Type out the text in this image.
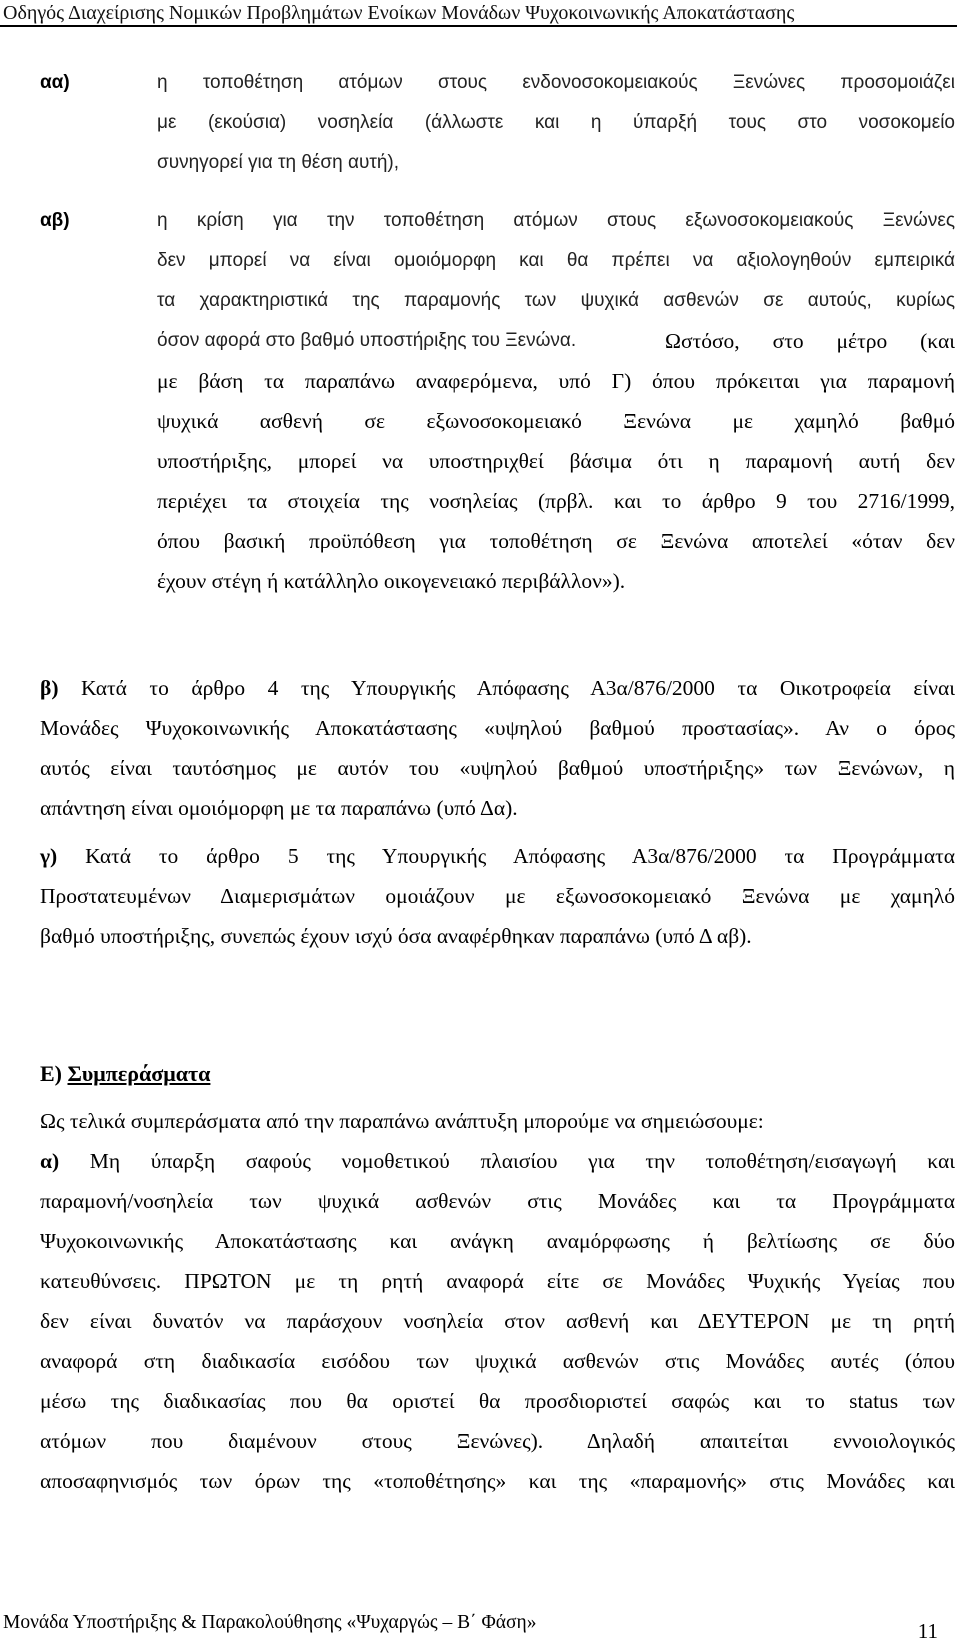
Οδηγός Διαχείρισης Νομικών Προβλημάτων Ενοίκων Μονάδων Ψυχοκοινωνικής Αποκατάστασης
αα)	η τοποθέτηση ατόμων στους ενδονοσοκομειακούς Ξενώνες προσομοιάζει
με (εκούσια) νοσηλεία (άλλωστε και η ύπαρξή τους στο νοσοκομείο
συνηγορεί για τη θέση αυτή),
αβ)	η κρίση για την τοποθέτηση ατόμων στους εξωνοσοκομειακούς Ξενώνες
δεν μπορεί να είναι ομοιόμορφη και θα πρέπει να αξιολογηθούν εμπειρικά
τα χαρακτηριστικά της παραμονής των ψυχικά ασθενών σε αυτούς, κυρίως
όσον αφορά στο βαθμό υποστήριξης του Ξενώνα.	Ωστόσο, στο μέτρο (και
με βάση τα παραπάνω αναφερόμενα, υπό Γ) όπου πρόκειται για παραμονή
ψυχικά ασθενή σε εξωνοσοκομειακό Ξενώνα με χαμηλό βαθμό
υποστήριξης, μπορεί να υποστηριχθεί βάσιμα ότι η παραμονή αυτή δεν
περιέχει τα στοιχεία της νοσηλείας (πρβλ. και το άρθρο 9 του 2716/1999,
όπου βασική προϋπόθεση για τοποθέτηση σε Ξενώνα αποτελεί «όταν δεν
έχουν στέγη ή κατάλληλο οικογενειακό περιβάλλον»).
β) Κατά το άρθρο 4 της Υπουργικής Απόφασης Α3α/876/2000 τα Οικοτροφεία είναι
Μονάδες Ψυχοκοινωνικής Αποκατάστασης «υψηλού βαθμού προστασίας». Αν ο όρος
αυτός είναι ταυτόσημος με αυτόν του «υψηλού βαθμού υποστήριξης» των Ξενώνων, η
απάντηση είναι ομοιόμορφη με τα παραπάνω (υπό Δα).
γ) Κατά το άρθρο 5 της Υπουργικής Απόφασης Α3α/876/2000 τα Προγράμματα
Προστατευμένων Διαμερισμάτων ομοιάζουν με εξωνοσοκομειακό Ξενώνα με χαμηλό
βαθμό υποστήριξης, συνεπώς έχουν ισχύ όσα αναφέρθηκαν παραπάνω (υπό Δ αβ).
Ε) Συμπεράσματα
Ως τελικά συμπεράσματα από την παραπάνω ανάπτυξη μπορούμε να σημειώσουμε:
α) Μη ύπαρξη σαφούς νομοθετικού πλαισίου για την τοποθέτηση/εισαγωγή και
παραμονή/νοσηλεία των ψυχικά ασθενών στις Μονάδες και τα Προγράμματα
Ψυχοκοινωνικής Αποκατάστασης και ανάγκη αναμόρφωσης ή βελτίωσης σε δύο
κατευθύνσεις. ΠΡΩΤΟΝ με τη ρητή αναφορά είτε σε Μονάδες Ψυχικής Υγείας που
δεν είναι δυνατόν να παράσχουν νοσηλεία στον ασθενή και ΔΕΥΤΕΡΟΝ με τη ρητή
αναφορά στη διαδικασία εισόδου των ψυχικά ασθενών στις Μονάδες αυτές (όπου
μέσω της διαδικασίας που θα οριστεί θα προσδιοριστεί σαφώς και το status των
ατόμων που διαμένουν στους Ξενώνες). Δηλαδή απαιτείται εννοιολογικός
αποσαφηνισμός των όρων της «τοποθέτησης» και της «παραμονής» στις Μονάδες και
Μονάδα Υποστήριξης & Παρακολούθησης «Ψυχαργώς – Β΄ Φάση»	11
